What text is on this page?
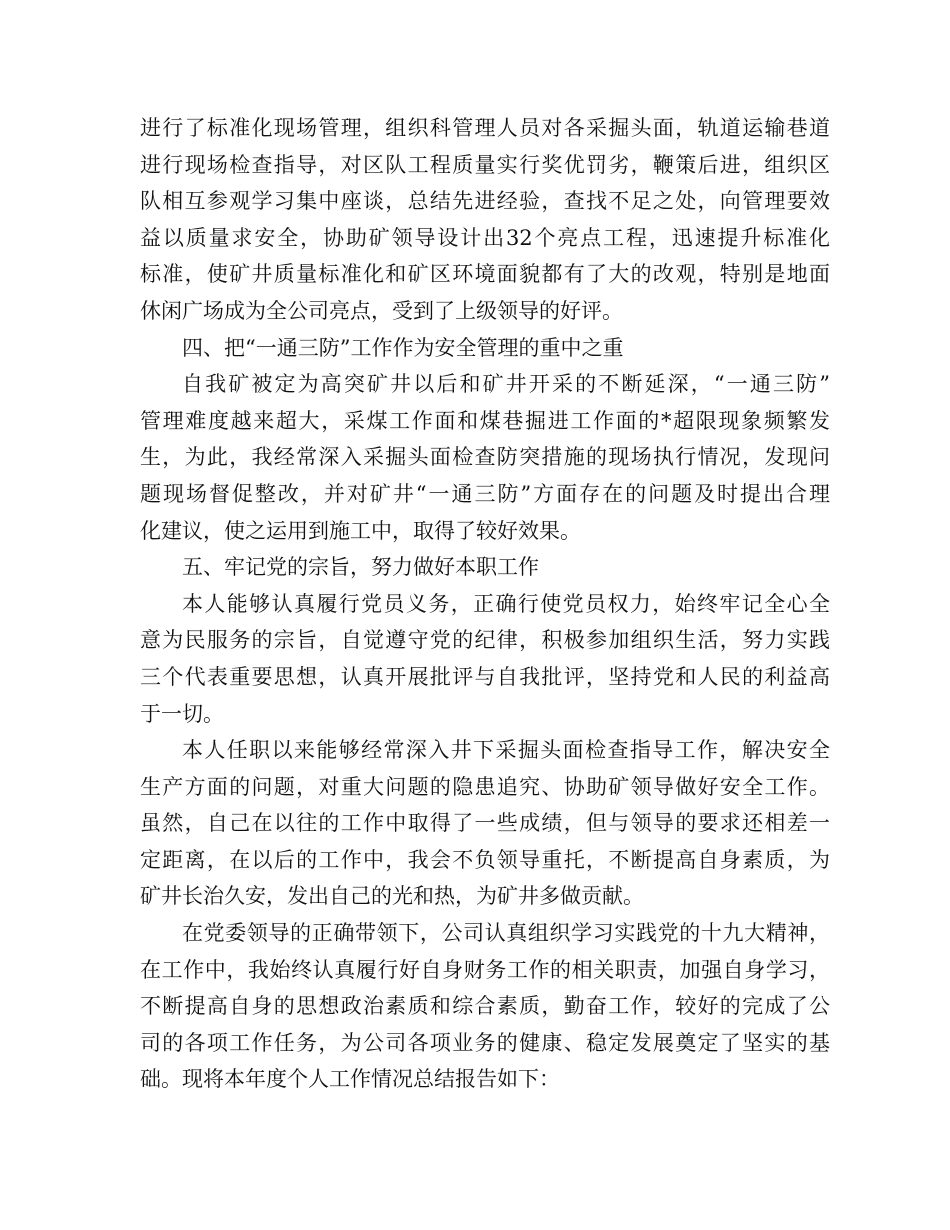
进行了标准化现场管理，组织科管理人员对各采掘头面，轨道运输巷道
进行现场检查指导，对区队工程质量实行奖优罚劣，鞭策后进，组织区
队相互参观学习集中座谈，总结先进经验，查找不足之处，向管理要效
益以质量求安全，协助矿领导设计出32个亮点工程，迅速提升标准化
标准，使矿井质量标准化和矿区环境面貌都有了大的改观，特别是地面
休闲广场成为全公司亮点，受到了上级领导的好评。
四、把“一通三防”工作作为安全管理的重中之重
自我矿被定为高突矿井以后和矿井开采的不断延深，“一通三防”
管理难度越来超大，采煤工作面和煤巷掘进工作面的*超限现象频繁发
生，为此，我经常深入采掘头面检查防突措施的现场执行情况，发现问
题现场督促整改，并对矿井“一通三防”方面存在的问题及时提出合理
化建议，使之运用到施工中，取得了较好效果。
五、牢记党的宗旨，努力做好本职工作
本人能够认真履行党员义务，正确行使党员权力，始终牢记全心全
意为民服务的宗旨，自觉遵守党的纪律，积极参加组织生活，努力实践
三个代表重要思想，认真开展批评与自我批评，坚持党和人民的利益高
于一切。
本人任职以来能够经常深入井下采掘头面检查指导工作，解决安全
生产方面的问题，对重大问题的隐患追究、协助矿领导做好安全工作。
虽然，自己在以往的工作中取得了一些成绩，但与领导的要求还相差一
定距离，在以后的工作中，我会不负领导重托，不断提高自身素质，为
矿井长治久安，发出自己的光和热，为矿井多做贡献。
在党委领导的正确带领下，公司认真组织学习实践党的十九大精神，
在工作中，我始终认真履行好自身财务工作的相关职责，加强自身学习，
不断提高自身的思想政治素质和综合素质，勤奋工作，较好的完成了公
司的各项工作任务，为公司各项业务的健康、稳定发展奠定了坚实的基
础。现将本年度个人工作情况总结报告如下：
